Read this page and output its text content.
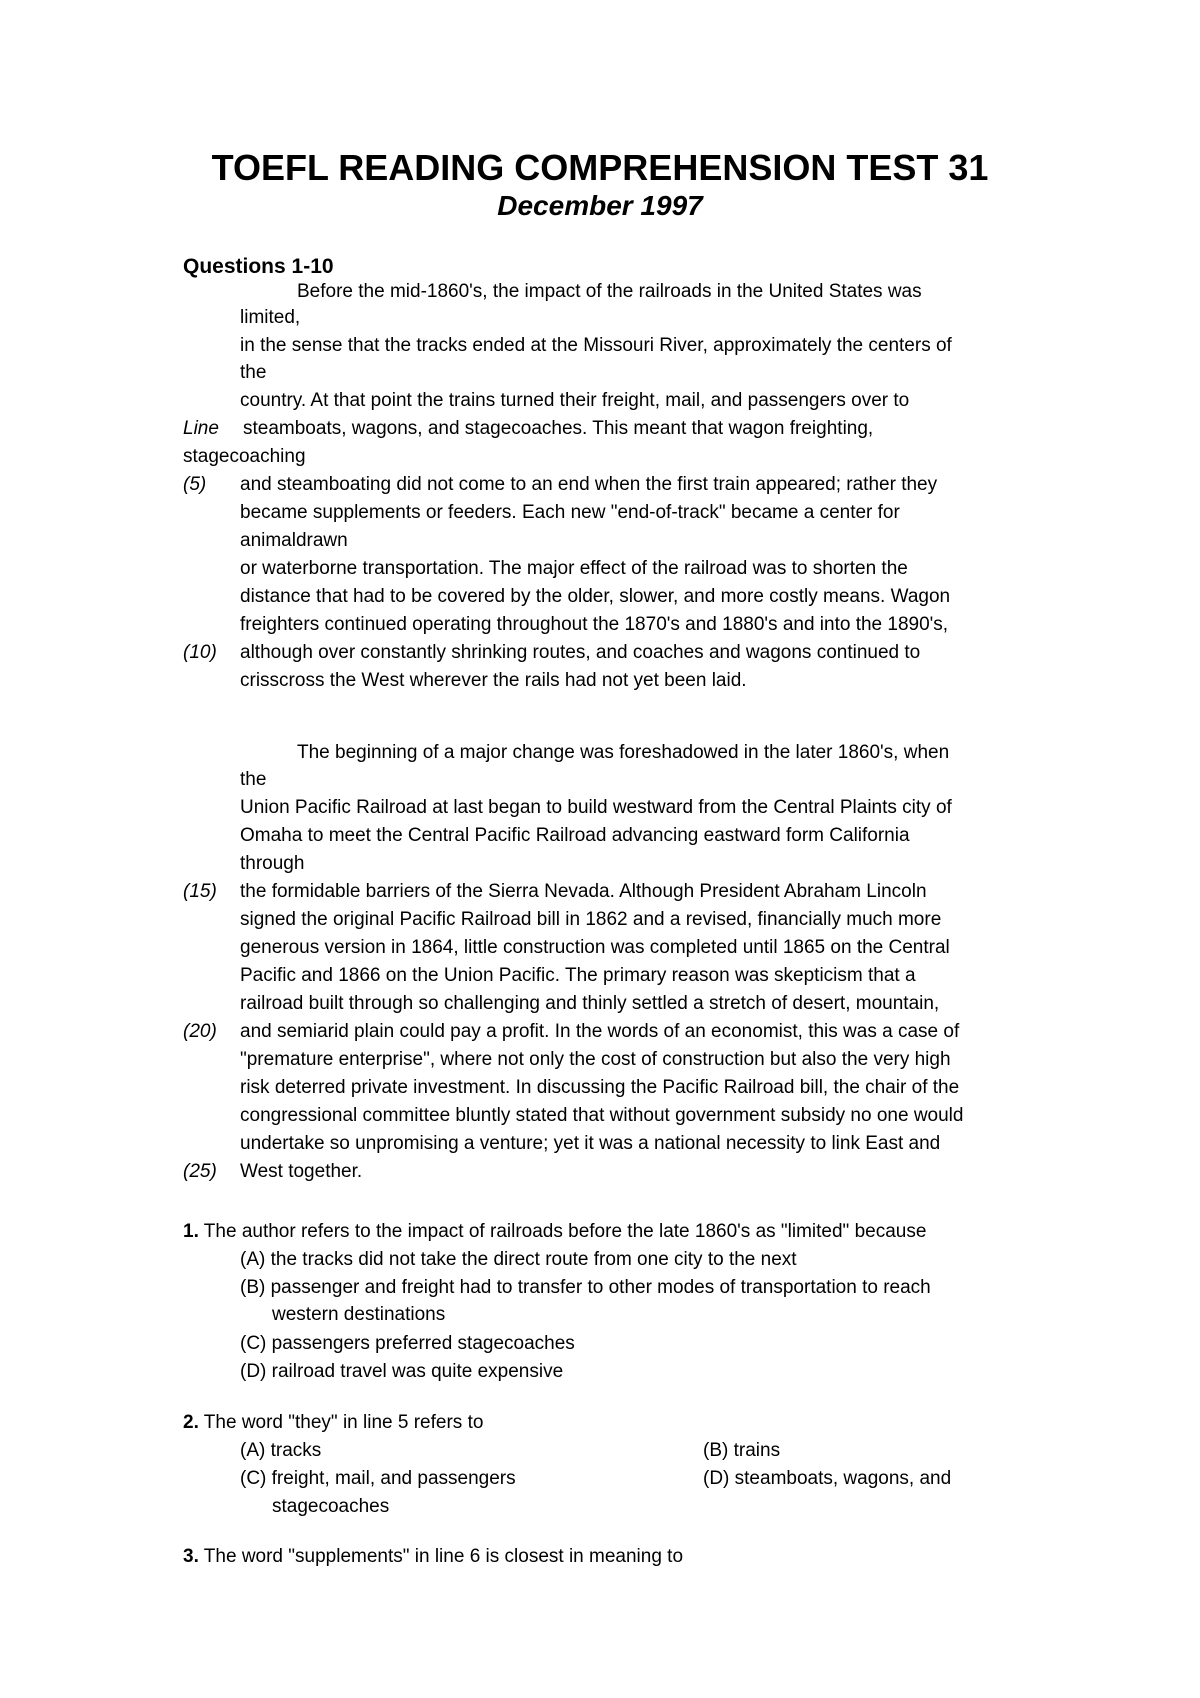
TOEFL READING COMPREHENSION TEST 31
December 1997
Questions 1-10
Before the mid-1860's, the impact of the railroads in the United States was
limited,
in the sense that the tracks ended at the Missouri River, approximately the centers of
the
country. At that point the trains turned their freight, mail, and passengers over to
Line steamboats, wagons, and stagecoaches. This meant that wagon freighting,
stagecoaching
(5) and steamboating did not come to an end when the first train appeared; rather they
became supplements or feeders. Each new "end-of-track" became a center for
animaldrawn
or waterborne transportation. The major effect of the railroad was to shorten the
distance that had to be covered by the older, slower, and more costly means. Wagon
freighters continued operating throughout the 1870's and 1880's and into the 1890's,
(10) although over constantly shrinking routes, and coaches and wagons continued to
crisscross the West wherever the rails had not yet been laid.
The beginning of a major change was foreshadowed in the later 1860's, when
the
Union Pacific Railroad at last began to build westward from the Central Plaints city of
Omaha to meet the Central Pacific Railroad advancing eastward form California
through
(15) the formidable barriers of the Sierra Nevada. Although President Abraham Lincoln
signed the original Pacific Railroad bill in 1862 and a revised, financially much more
generous version in 1864, little construction was completed until 1865 on the Central
Pacific and 1866 on the Union Pacific. The primary reason was skepticism that a
railroad built through so challenging and thinly settled a stretch of desert, mountain,
(20) and semiarid plain could pay a profit. In the words of an economist, this was a case of
"premature enterprise", where not only the cost of construction but also the very high
risk deterred private investment. In discussing the Pacific Railroad bill, the chair of the
congressional committee bluntly stated that without government subsidy no one would
undertake so unpromising a venture; yet it was a national necessity to link East and
(25) West together.
1. The author refers to the impact of railroads before the late 1860's as "limited" because
(A) the tracks did not take the direct route from one city to the next
(B) passenger and freight had to transfer to other modes of transportation to reach
western destinations
(C) passengers preferred stagecoaches
(D) railroad travel was quite expensive
2. The word "they" in line 5 refers to
(A) tracks	(B) trains
(C) freight, mail, and passengers	(D) steamboats, wagons, and
stagecoaches
3. The word "supplements" in line 6 is closest in meaning to
